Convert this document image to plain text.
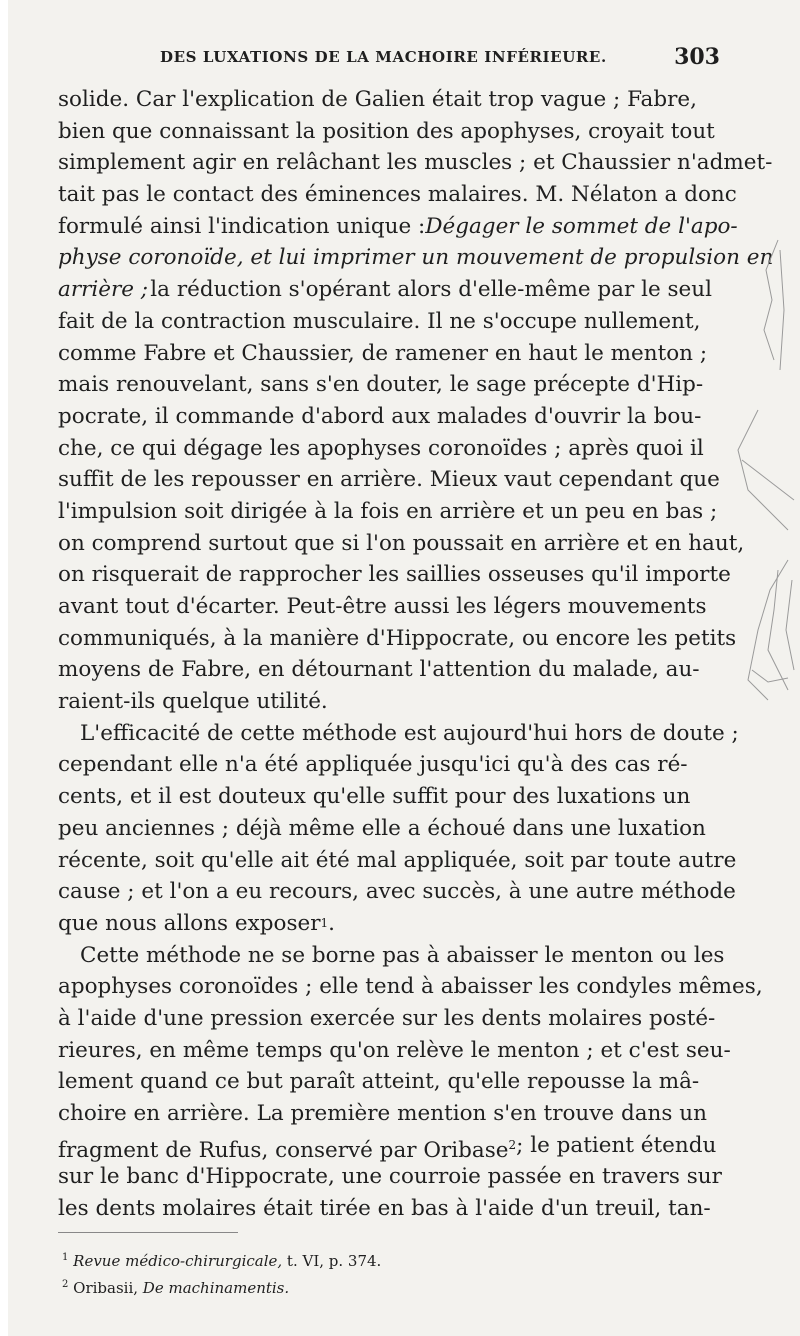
DES LUXATIONS DE LA MACHOIRE INFÉRIEURE.	303
solide. Car l'explication de Galien était trop vague ; Fabre,
bien que connaissant la position des apophyses, croyait tout
simplement agir en relâchant les muscles ; et Chaussier n'admet-
tait pas le contact des éminences malaires. M. Nélaton a donc
formulé ainsi l'indication unique : Dégager le sommet de l'apo-
physe coronoïde, et lui imprimer un mouvement de propulsion en
arrière ; la réduction s'opérant alors d'elle-même par le seul
fait de la contraction musculaire. Il ne s'occupe nullement,
comme Fabre et Chaussier, de ramener en haut le menton ;
mais renouvelant, sans s'en douter, le sage précepte d'Hip-
pocrate, il commande d'abord aux malades d'ouvrir la bou-
che, ce qui dégage les apophyses coronoïdes ; après quoi il
suffit de les repousser en arrière. Mieux vaut cependant que
l'impulsion soit dirigée à la fois en arrière et un peu en bas ;
on comprend surtout que si l'on poussait en arrière et en haut,
on risquerait de rapprocher les saillies osseuses qu'il importe
avant tout d'écarter. Peut-être aussi les légers mouvements
communiqués, à la manière d'Hippocrate, ou encore les petits
moyens de Fabre, en détournant l'attention du malade, au-
raient-ils quelque utilité.
L'efficacité de cette méthode est aujourd'hui hors de doute ;
cependant elle n'a été appliquée jusqu'ici qu'à des cas ré-
cents, et il est douteux qu'elle suffit pour des luxations un
peu anciennes ; déjà même elle a échoué dans une luxation
récente, soit qu'elle ait été mal appliquée, soit par toute autre
cause ; et l'on a eu recours, avec succès, à une autre méthode
que nous allons exposer 1 .
Cette méthode ne se borne pas à abaisser le menton ou les
apophyses coronoïdes ; elle tend à abaisser les condyles mêmes,
à l'aide d'une pression exercée sur les dents molaires posté-
rieures, en même temps qu'on relève le menton ; et c'est seu-
lement quand ce but paraît atteint, qu'elle repousse la mâ-
choire en arrière. La première mention s'en trouve dans un
fragment de Rufus, conservé par Oribase$^2$ ; le patient étendu
sur le banc d'Hippocrate, une courroie passée en travers sur
les dents molaires était tirée en bas à l'aide d'un treuil, tan-
$^1$ Revue médico-chirurgicale, t. VI, p. 374.
$^2$ Oribasii, De machinamentis.
